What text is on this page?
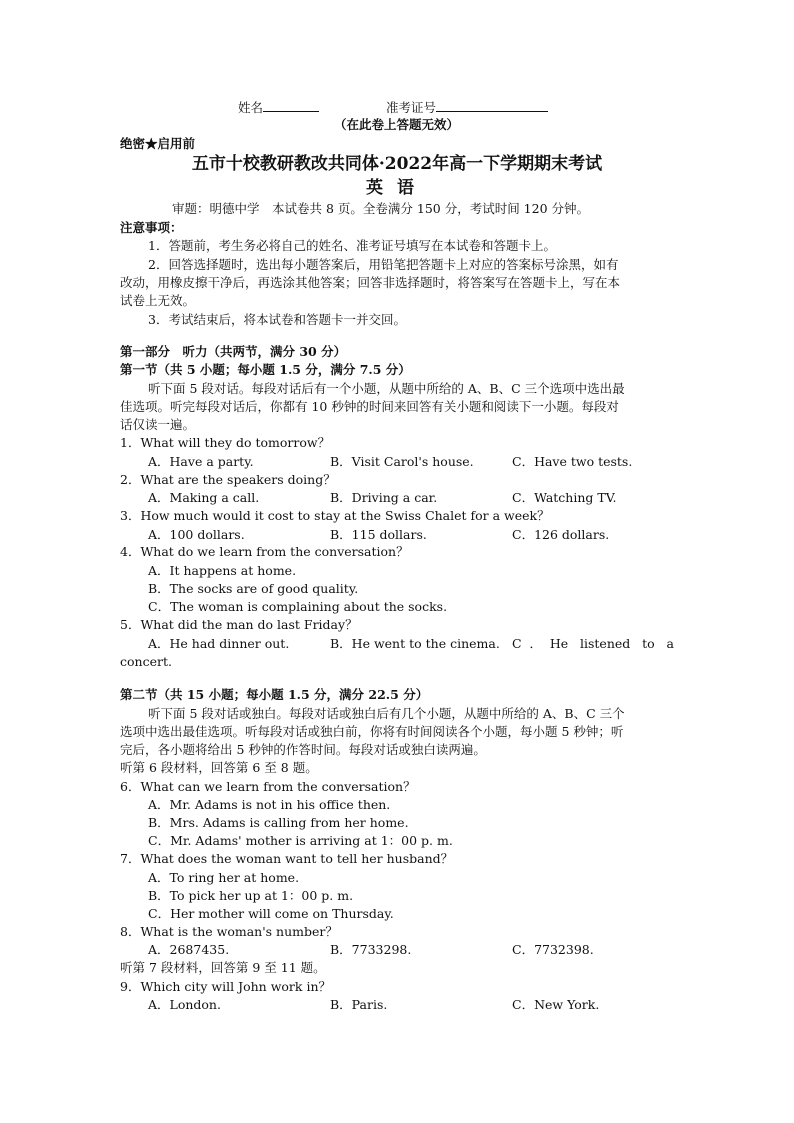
姓名	准考证号
（在此卷上答题无效）
绝密★启用前
五市十校教研教改共同体·2022年高一下学期期末考试
英语
审题：明德中学　本试卷共 8 页。全卷满分 150 分，考试时间 120 分钟。
注意事项：
1．答题前，考生务必将自己的姓名、准考证号填写在本试卷和答题卡上。
2．回答选择题时，选出每小题答案后，用铅笔把答题卡上对应的答案标号涂黑，如有
改动，用橡皮擦干净后，再选涂其他答案；回答非选择题时，将答案写在答题卡上，写在本
试卷上无效。
3．考试结束后，将本试卷和答题卡一并交回。
第一部分　听力（共两节，满分 30 分）
第一节（共 5 小题；每小题 1.5 分，满分 7.5 分）
听下面 5 段对话。每段对话后有一个小题，从题中所给的 A、B、C 三个选项中选出最
佳选项。听完每段对话后，你都有 10 秒钟的时间来回答有关小题和阅读下一小题。每段对
话仅读一遍。
1．What will they do tomorrow？
A．Have a party.	B．Visit Carol's house.	C．Have two tests.
2．What are the speakers doing？
A．Making a call.	B．Driving a car.	C．Watching TV.
3．How much would it cost to stay at the Swiss Chalet for a week？
A．100 dollars.	B．115 dollars.	C．126 dollars.
4．What do we learn from the conversation？
A．It happens at home.
B．The socks are of good quality.
C．The woman is complaining about the socks.
5．What did the man do last Friday？
A．He had dinner out.	B．He went to the cinema. C．He listened to a
concert.
第二节（共 15 小题；每小题 1.5 分，满分 22.5 分）
听下面 5 段对话或独白。每段对话或独白后有几个小题，从题中所给的 A、B、C 三个
选项中选出最佳选项。听每段对话或独白前，你将有时间阅读各个小题，每小题 5 秒钟；听
完后，各小题将给出 5 秒钟的作答时间。每段对话或独白读两遍。
听第 6 段材料，回答第 6 至 8 题。
6．What can we learn from the conversation？
A．Mr. Adams is not in his office then.
B．Mrs. Adams is calling from her home.
C．Mr. Adams' mother is arriving at 1：00 p. m.
7．What does the woman want to tell her husband？
A．To ring her at home.
B．To pick her up at 1：00 p. m.
C．Her mother will come on Thursday.
8．What is the woman's number？
A．2687435.	B．7733298.	C．7732398.
听第 7 段材料，回答第 9 至 11 题。
9．Which city will John work in？
A．London.	B．Paris.	C．New York.
